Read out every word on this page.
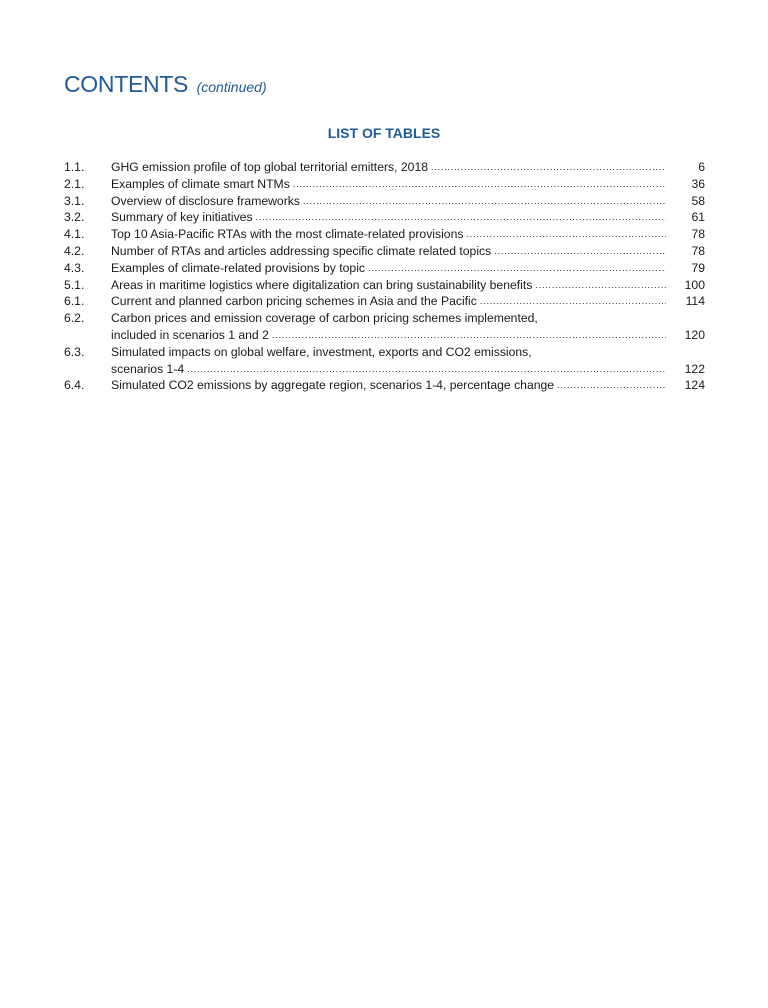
CONTENTS (continued)
LIST OF TABLES
1.1.	GHG emission profile of top global territorial emitters, 2018 .....	6
2.1.	Examples of climate smart NTMs .....	36
3.1.	Overview of disclosure frameworks .....	58
3.2.	Summary of key initiatives .....	61
4.1.	Top 10 Asia-Pacific RTAs with the most climate-related provisions .....	78
4.2.	Number of RTAs and articles addressing specific climate related topics .....	78
4.3.	Examples of climate-related provisions by topic .....	79
5.1.	Areas in maritime logistics where digitalization can bring sustainability benefits .....	100
6.1.	Current and planned carbon pricing schemes in Asia and the Pacific .....	114
6.2.	Carbon prices and emission coverage of carbon pricing schemes implemented,
included in scenarios 1 and 2 .....	120
6.3.	Simulated impacts on global welfare, investment, exports and CO2 emissions,
scenarios 1-4 .....	122
6.4.	Simulated CO2 emissions by aggregate region, scenarios 1-4, percentage change .....	124
